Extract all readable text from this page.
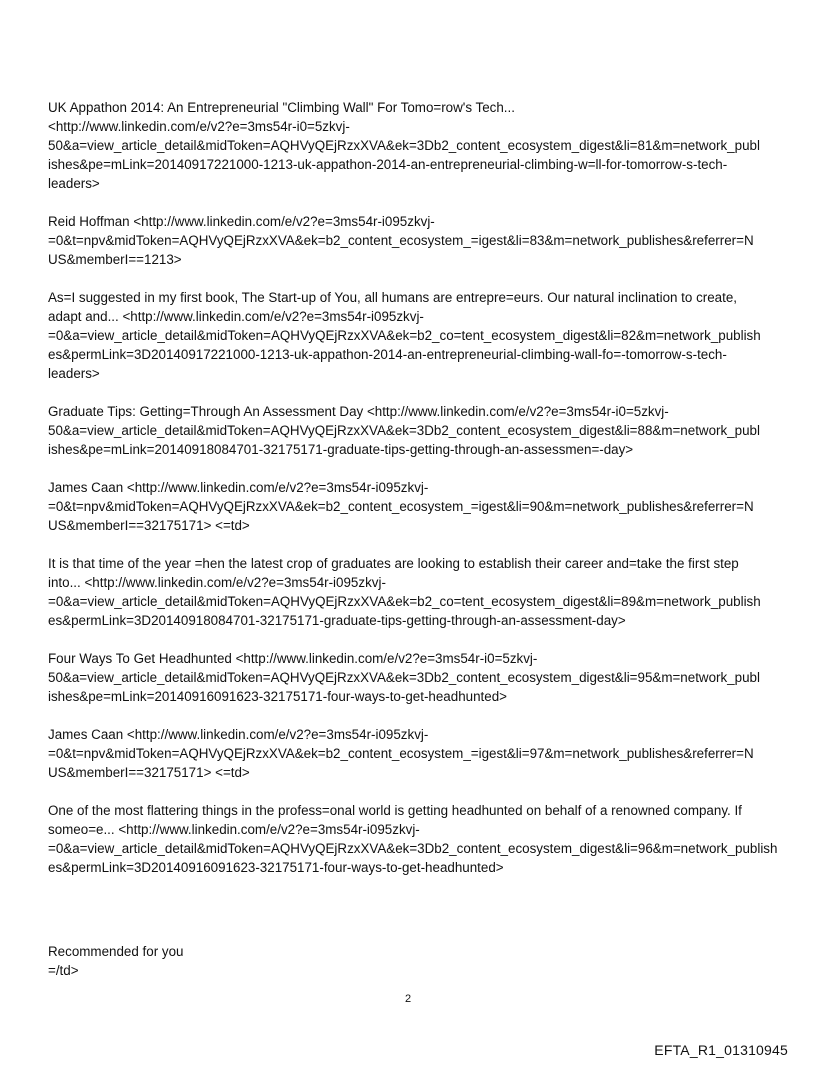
UK Appathon 2014: An Entrepreneurial "Climbing Wall" For Tomo=row's Tech...
<http://www.linkedin.com/e/v2?e=3ms54r-i0=5zkvj-
50&a=view_article_detail&midToken=AQHVyQEjRzxXVA&ek=3Db2_content_ecosystem_digest&li=81&m=network_publ
ishes&pe=mLink=20140917221000-1213-uk-appathon-2014-an-entrepreneurial-climbing-w=ll-for-tomorrow-s-tech-
leaders>

Reid Hoffman <http://www.linkedin.com/e/v2?e=3ms54r-i095zkvj-
=0&t=npv&midToken=AQHVyQEjRzxXVA&ek=b2_content_ecosystem_=igest&li=83&m=network_publishes&referrer=N
US&memberI==1213>

As=I suggested in my first book, The Start-up of You, all humans are entrepre=eurs. Our natural inclination to create,
adapt and... <http://www.linkedin.com/e/v2?e=3ms54r-i095zkvj-
=0&a=view_article_detail&midToken=AQHVyQEjRzxXVA&ek=b2_co=tent_ecosystem_digest&li=82&m=network_publish
es&permLink=3D20140917221000-1213-uk-appathon-2014-an-entrepreneurial-climbing-wall-fo=-tomorrow-s-tech-
leaders>

Graduate Tips: Getting=Through An Assessment Day <http://www.linkedin.com/e/v2?e=3ms54r-i0=5zkvj-
50&a=view_article_detail&midToken=AQHVyQEjRzxXVA&ek=3Db2_content_ecosystem_digest&li=88&m=network_publ
ishes&pe=mLink=20140918084701-32175171-graduate-tips-getting-through-an-assessmen=-day>

James Caan <http://www.linkedin.com/e/v2?e=3ms54r-i095zkvj-
=0&t=npv&midToken=AQHVyQEjRzxXVA&ek=b2_content_ecosystem_=igest&li=90&m=network_publishes&referrer=N
US&memberI==32175171> <=td>

It is that time of the year =hen the latest crop of graduates are looking to establish their career and=take the first step
into... <http://www.linkedin.com/e/v2?e=3ms54r-i095zkvj-
=0&a=view_article_detail&midToken=AQHVyQEjRzxXVA&ek=b2_co=tent_ecosystem_digest&li=89&m=network_publish
es&permLink=3D20140918084701-32175171-graduate-tips-getting-through-an-assessment-day>

Four Ways To Get Headhunted <http://www.linkedin.com/e/v2?e=3ms54r-i0=5zkvj-
50&a=view_article_detail&midToken=AQHVyQEjRzxXVA&ek=3Db2_content_ecosystem_digest&li=95&m=network_publ
ishes&pe=mLink=20140916091623-32175171-four-ways-to-get-headhunted>

James Caan <http://www.linkedin.com/e/v2?e=3ms54r-i095zkvj-
=0&t=npv&midToken=AQHVyQEjRzxXVA&ek=b2_content_ecosystem_=igest&li=97&m=network_publishes&referrer=N
US&memberI==32175171> <=td>

One of the most flattering things in the profess=onal world is getting headhunted on behalf of a renowned company. If
someo=e... <http://www.linkedin.com/e/v2?e=3ms54r-i095zkvj-
=0&a=view_article_detail&midToken=AQHVyQEjRzxXVA&ek=3Db2_content_ecosystem_digest&li=96&m=network_publish
es&permLink=3D20140916091623-32175171-four-ways-to-get-headhunted>

Recommended for you
=/td>
2
EFTA_R1_01310945
